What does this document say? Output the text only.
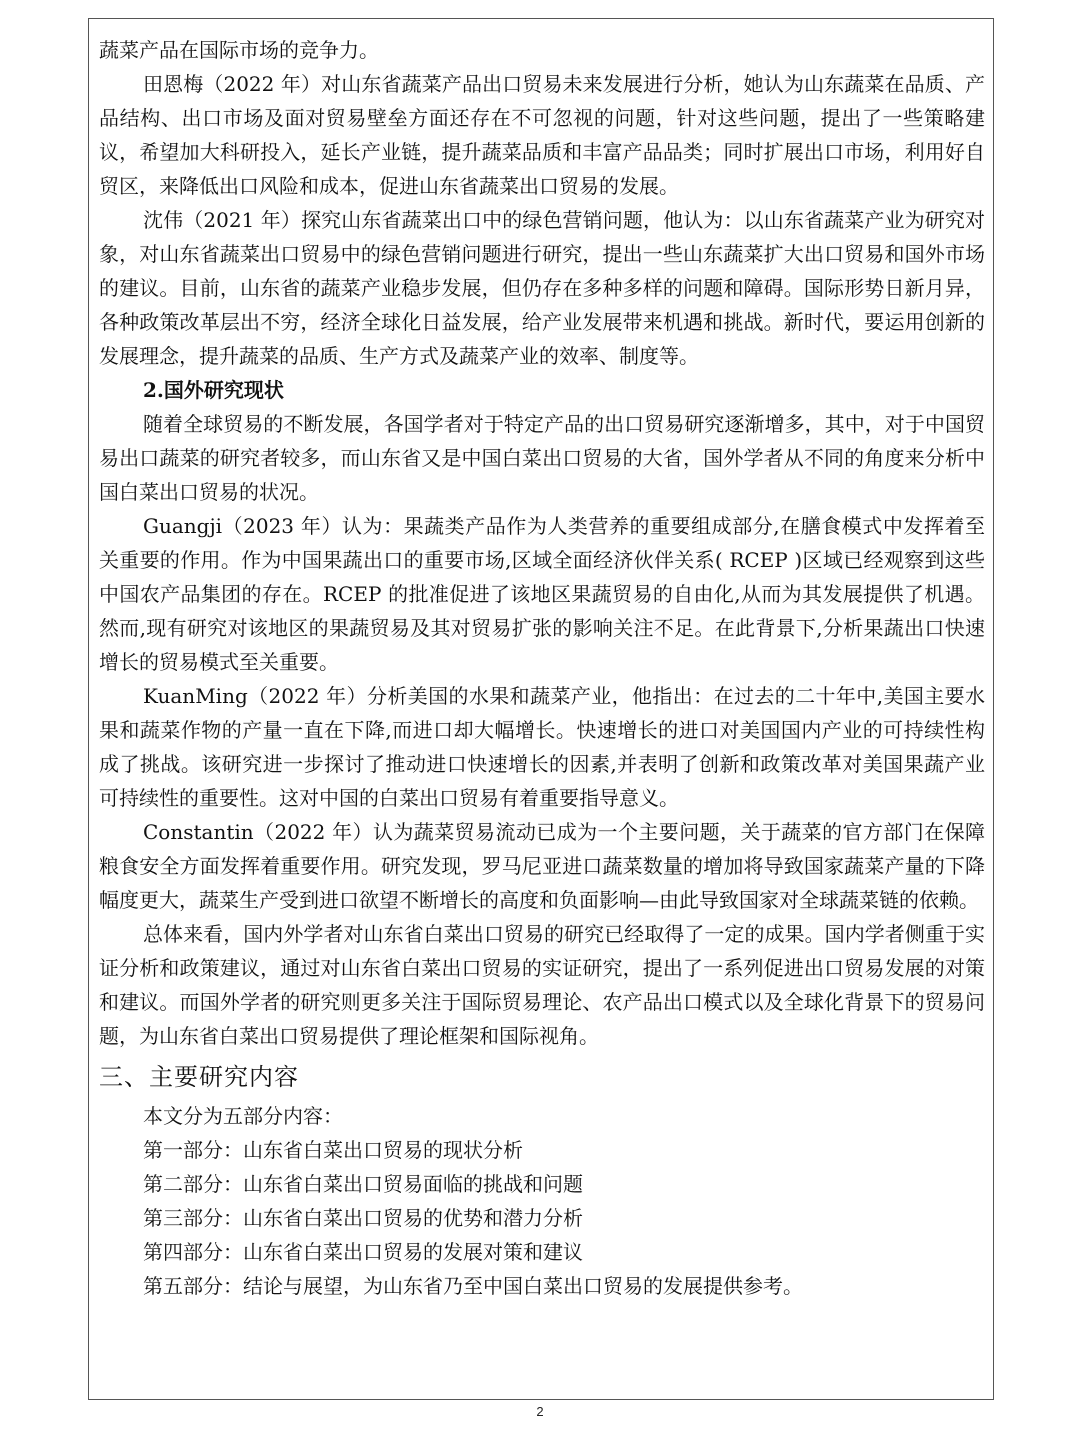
蔬菜产品在国际市场的竞争力。

田恩梅（2022 年）对山东省蔬菜产品出口贸易未来发展进行分析，她认为山东蔬菜在品质、产品结构、出口市场及面对贸易壁垒方面还存在不可忽视的问题，针对这些问题，提出了一些策略建议，希望加大科研投入，延长产业链，提升蔬菜品质和丰富产品品类；同时扩展出口市场，利用好自贸区，来降低出口风险和成本，促进山东省蔬菜出口贸易的发展。

沈伟（2021 年）探究山东省蔬菜出口中的绿色营销问题，他认为：以山东省蔬菜产业为研究对象，对山东省蔬菜出口贸易中的绿色营销问题进行研究，提出一些山东蔬菜扩大出口贸易和国外市场的建议。目前，山东省的蔬菜产业稳步发展，但仍存在多种多样的问题和障碍。国际形势日新月异，各种政策改革层出不穷，经济全球化日益发展，给产业发展带来机遇和挑战。新时代，要运用创新的发展理念，提升蔬菜的品质、生产方式及蔬菜产业的效率、制度等。

2.国外研究现状

随着全球贸易的不断发展，各国学者对于特定产品的出口贸易研究逐渐增多，其中，对于中国贸易出口蔬菜的研究者较多，而山东省又是中国白菜出口贸易的大省，国外学者从不同的角度来分析中国白菜出口贸易的状况。

Guangji（2023 年）认为：果蔬类产品作为人类营养的重要组成部分,在膳食模式中发挥着至关重要的作用。作为中国果蔬出口的重要市场,区域全面经济伙伴关系( RCEP )区域已经观察到这些中国农产品集团的存在。RCEP 的批准促进了该地区果蔬贸易的自由化,从而为其发展提供了机遇。然而,现有研究对该地区的果蔬贸易及其对贸易扩张的影响关注不足。在此背景下,分析果蔬出口快速增长的贸易模式至关重要。

KuanMing（2022 年）分析美国的水果和蔬菜产业，他指出：在过去的二十年中,美国主要水果和蔬菜作物的产量一直在下降,而进口却大幅增长。快速增长的进口对美国国内产业的可持续性构成了挑战。该研究进一步探讨了推动进口快速增长的因素,并表明了创新和政策改革对美国果蔬产业可持续性的重要性。这对中国的白菜出口贸易有着重要指导意义。

Constantin（2022 年）认为蔬菜贸易流动已成为一个主要问题，关于蔬菜的官方部门在保障粮食安全方面发挥着重要作用。研究发现，罗马尼亚进口蔬菜数量的增加将导致国家蔬菜产量的下降幅度更大，蔬菜生产受到进口欲望不断增长的高度和负面影响—由此导致国家对全球蔬菜链的依赖。

总体来看，国内外学者对山东省白菜出口贸易的研究已经取得了一定的成果。国内学者侧重于实证分析和政策建议，通过对山东省白菜出口贸易的实证研究，提出了一系列促进出口贸易发展的对策和建议。而国外学者的研究则更多关注于国际贸易理论、农产品出口模式以及全球化背景下的贸易问题，为山东省白菜出口贸易提供了理论框架和国际视角。

三、主要研究内容

本文分为五部分内容：

第一部分：山东省白菜出口贸易的现状分析

第二部分：山东省白菜出口贸易面临的挑战和问题

第三部分：山东省白菜出口贸易的优势和潜力分析

第四部分：山东省白菜出口贸易的发展对策和建议

第五部分：结论与展望，为山东省乃至中国白菜出口贸易的发展提供参考。

2
